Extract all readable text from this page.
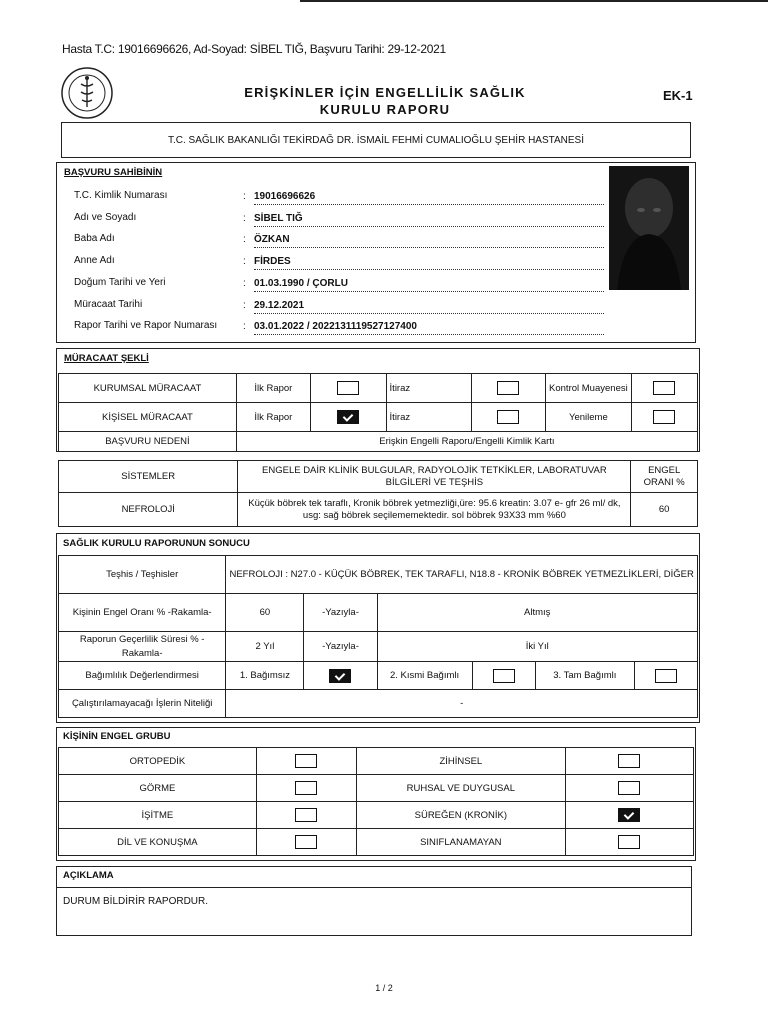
Hasta T.C: 19016696626, Ad-Soyad: SİBEL TIĞ, Başvuru Tarihi: 29-12-2021
ERİŞKİNLER İÇİN ENGELLİLİK SAĞLIK
KURULU RAPORU
EK-1
T.C. SAĞLIK BAKANLIĞI TEKİRDAĞ DR. İSMAİL FEHMİ CUMALIOĞLU ŞEHİR HASTANESİ
BAŞVURU SAHİBİNİN
T.C. Kimlik Numarası	: 19016696626
Adı ve Soyadı	: SİBEL TIĞ
Baba Adı	: ÖZKAN
Anne Adı	: FİRDES
Doğum Tarihi ve Yeri	: 01.03.1990 / ÇORLU
Müracaat Tarihi	: 29.12.2021
Rapor Tarihi ve Rapor Numarası	: 03.01.2022 / 2022131119527127400
MÜRACAAT ŞEKLİ
KURUMSAL MÜRACAAT	İlk Rapor		İtiraz		Kontrol Muayenesi	
KİŞİSEL MÜRACAAT	İlk Rapor		İtiraz		Yenileme	
BAŞVURU NEDENİ	Erişkin Engelli Raporu/Engelli Kimlik Kartı					
SİSTEMLER	ENGELE DAİR KLİNİK BULGULAR, RADYOLOJİK TETKİKLER, LABORATUVAR BİLGİLERİ VE TEŞHİS	ENGEL ORANI %
NEFROLOJİ	Küçük böbrek tek taraflı, Kronik böbrek yetmezliği,üre: 95.6 kreatin: 3.07 e- gfr 26 ml/ dk, usg: sağ böbrek seçilememektedir. sol böbrek 93X33 mm %60	60
SAĞLIK KURULU RAPORUNUN SONUCU
Teşhis / Teşhisler	NEFROLOJI : N27.0 - KÜÇÜK BÖBREK, TEK TARAFLI, N18.8 - KRONİK BÖBREK YETMEZLİKLERİ, DİĞER					
Kişinin Engel Oranı % -Rakamla-	60	-Yazıyla-	Altmış			
Raporun Geçerlilik Süresi % -Rakamla-	2 Yıl	-Yazıyla-	İki Yıl			
Bağımlılık Değerlendirmesi	1. Bağımsız		2. Kısmi Bağımlı		3. Tam Bağımlı	
Çalıştırılamayacağı İşlerin Niteliği	-					
KİŞİNİN ENGEL GRUBU
ORTOPEDİK		ZİHİNSEL	
GÖRME		RUHSAL VE DUYGUSAL	
İŞİTME		SÜREĞEN (KRONİK)	
DİL VE KONUŞMA		SINIFLANAMAYAN	
AÇIKLAMA
DURUM BİLDİRİR RAPORDUR.
1 / 2
